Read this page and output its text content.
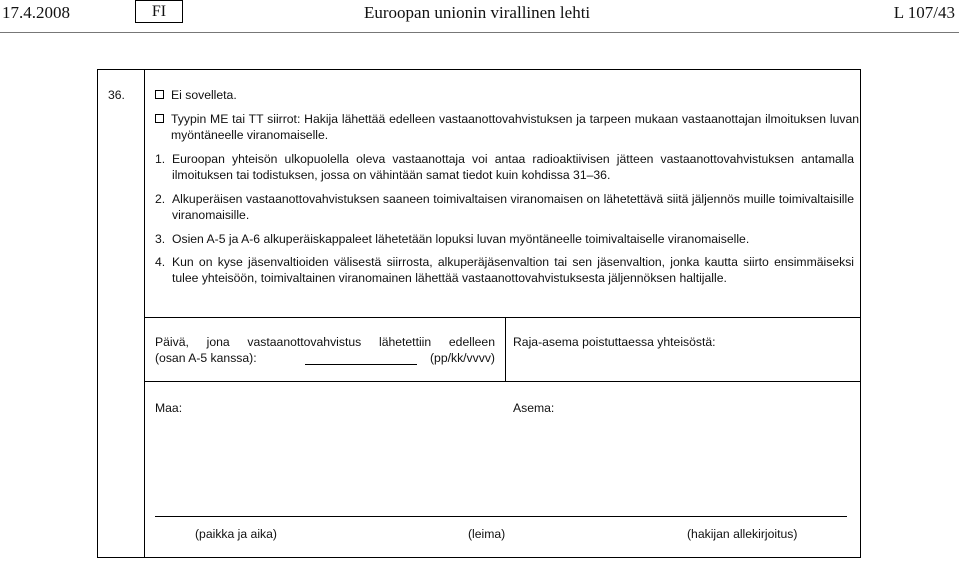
17.4.2008	FI	Euroopan unionin virallinen lehti	L 107/43
36.	Ei sovelleta.
Tyypin ME tai TT siirrot: Hakija lähettää edelleen vastaanottovahvistuksen ja tarpeen mukaan vastaanottajan ilmoituksen luvan myöntäneelle viranomaiselle.
1. Euroopan yhteisön ulkopuolella oleva vastaanottaja voi antaa radioaktiivisen jätteen vastaanottovahvistuksen antamalla ilmoituksen tai todistuksen, jossa on vähintään samat tiedot kuin kohdissa 31–36.
2. Alkuperäisen vastaanottovahvistuksen saaneen toimivaltaisen viranomaisen on lähetettävä siitä jäljennös muille toimivaltaisille viranomaisille.
3. Osien A-5 ja A-6 alkuperäiskappaleet lähetetään lopuksi luvan myöntäneelle toimivaltaiselle viranomaiselle.
4. Kun on kyse jäsenvaltioiden välisestä siirrosta, alkuperäjäsenvaltion tai sen jäsenvaltion, jonka kautta siirto ensimmäiseksi tulee yhteisöön, toimivaltainen viranomainen lähettää vastaanottovahvistuksesta jäljennöksen haltijalle.
Päivä, jona vastaanottovahvistus lähetettiin edelleen
(osan A-5 kanssa):	(pp/kk/vvvv)
Raja-asema poistuttaessa yhteisöstä:
Maa:	Asema:
(paikka ja aika)	(leima)	(hakijan allekirjoitus)
